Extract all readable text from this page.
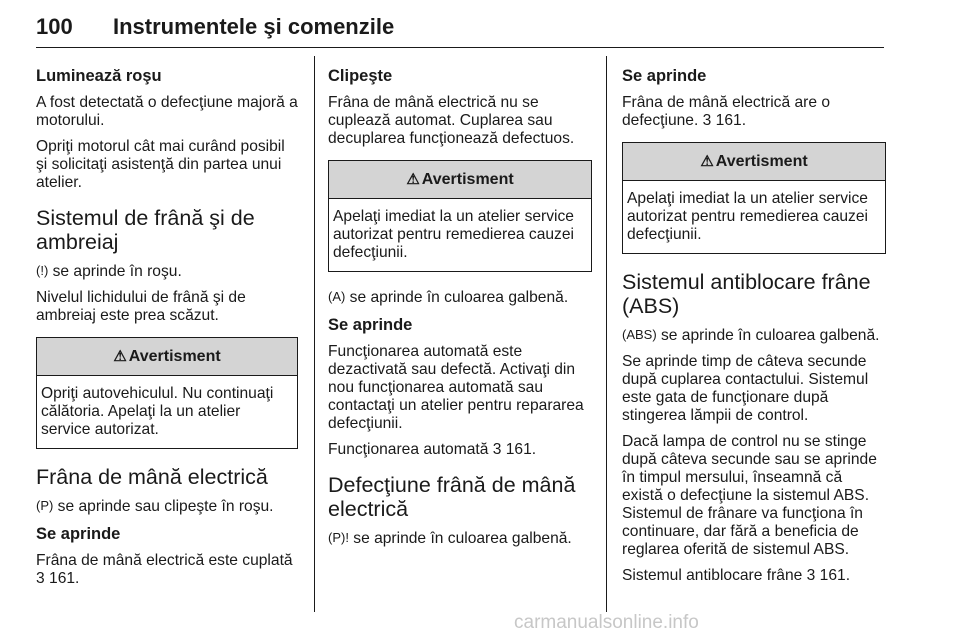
100 Instrumentele şi comenzile
Luminează roşu

A fost detectată o defecţiune majoră a motorului.

Opriţi motorul cât mai curând posibil şi solicitaţi asistenţă din partea unui atelier.

Sistemul de frână şi de ambreiaj

(!) se aprinde în roşu.

Nivelul lichidului de frână şi de ambreiaj este prea scăzut.

⚠ Avertisment
Opriţi autovehiculul. Nu continuaţi călătoria. Apelaţi la un atelier service autorizat.
Frâna de mână electrică

(P) se aprinde sau clipeşte în roşu.

Se aprinde

Frâna de mână electrică este cuplată 3 161.

Clipeşte

Frâna de mână electrică nu se cuplează automat. Cuplarea sau decuplarea funcţionează defectuos.

⚠ Avertisment
Apelaţi imediat la un atelier service autorizat pentru remedierea cauzei defecţiunii.

(A) se aprinde în culoarea galbenă.

Se aprinde

Funcţionarea automată este dezactivată sau defectă. Activaţi din nou funcţionarea automată sau contactaţi un atelier pentru repararea defecţiunii.

Funcţionarea automată 3 161.

Defecţiune frână de mână electrică

(P)! se aprinde în culoarea galbenă.

Se aprinde

Frâna de mână electrică are o defecţiune. 3 161.

⚠ Avertisment
Apelaţi imediat la un atelier service autorizat pentru remedierea cauzei defecţiunii.
Sistemul antiblocare frâne (ABS)

(ABS) se aprinde în culoarea galbenă.

Se aprinde timp de câteva secunde după cuplarea contactului. Sistemul este gata de funcţionare după stingerea lămpii de control.

Dacă lampa de control nu se stinge după câteva secunde sau se aprinde în timpul mersului, înseamnă că există o defecţiune la sistemul ABS. Sistemul de frânare va funcţiona în continuare, dar fără a beneficia de reglarea oferită de sistemul ABS.

Sistemul antiblocare frâne 3 161.

carmanualsonline.info
